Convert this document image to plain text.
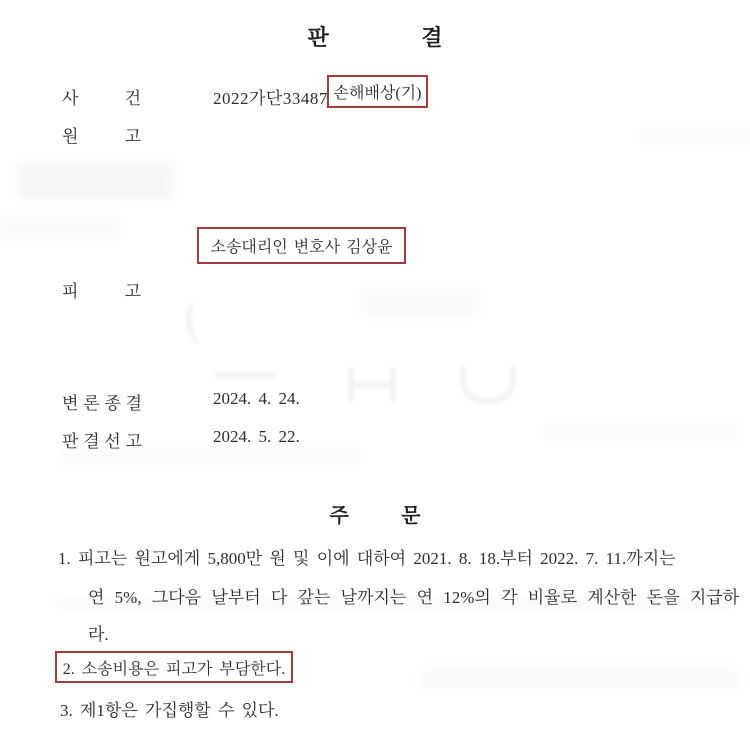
판	결
사	건	2022가단33487 손해배상(기)
원	고
소송대리인 변호사 김상윤
피	고
변 론 종 결	2024. 4. 24.
판 결 선 고	2024. 5. 22.
주	문
1. 피고는 원고에게 5,800만 원 및 이에 대하여 2021. 8. 18.부터 2022. 7. 11.까지는
연 5%, 그다음 날부터 다 갚는 날까지는 연 12%의 각 비율로 계산한 돈을 지급하
라.
2. 소송비용은 피고가 부담한다.
3. 제1항은 가집행할 수 있다.
